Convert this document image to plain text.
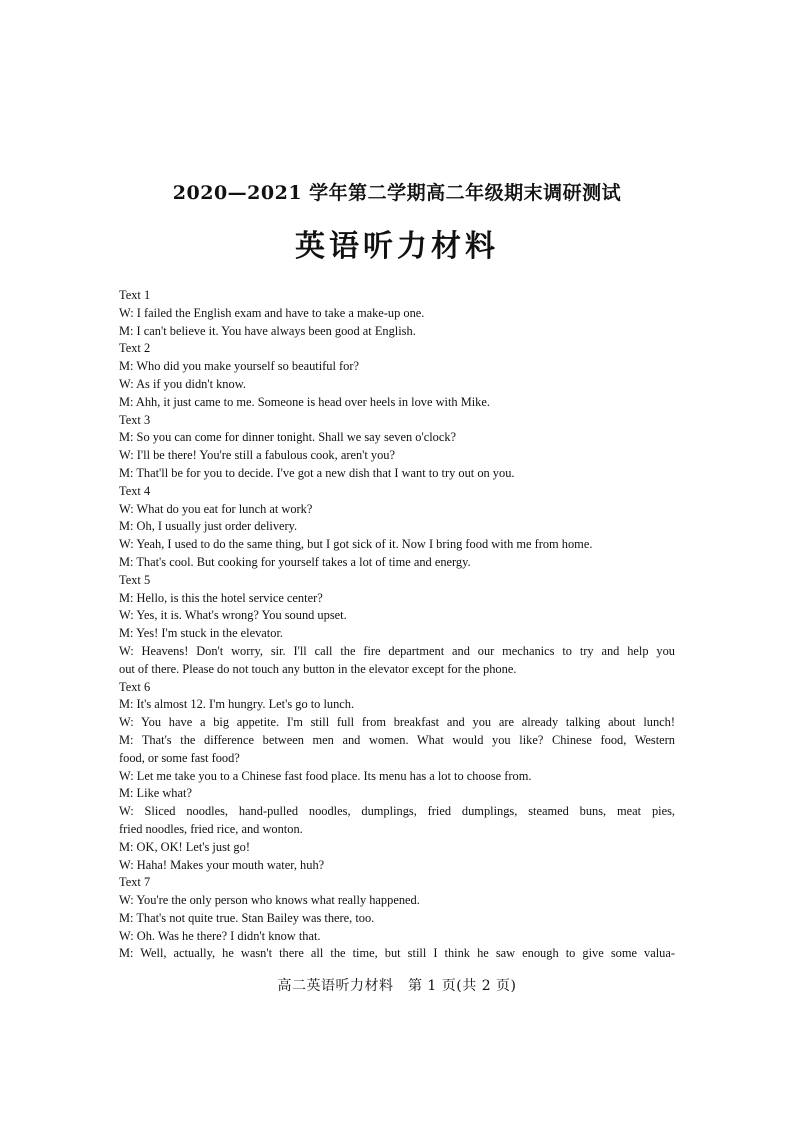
2020—2021 学年第二学期高二年级期末调研测试
英语听力材料
Text 1
W: I failed the English exam and have to take a make-up one.
M: I can't believe it. You have always been good at English.
Text 2
M: Who did you make yourself so beautiful for?
W: As if you didn't know.
M: Ahh, it just came to me. Someone is head over heels in love with Mike.
Text 3
M: So you can come for dinner tonight. Shall we say seven o'clock?
W: I'll be there! You're still a fabulous cook, aren't you?
M: That'll be for you to decide. I've got a new dish that I want to try out on you.
Text 4
W: What do you eat for lunch at work?
M: Oh, I usually just order delivery.
W: Yeah, I used to do the same thing, but I got sick of it. Now I bring food with me from home.
M: That's cool. But cooking for yourself takes a lot of time and energy.
Text 5
M: Hello, is this the hotel service center?
W: Yes, it is. What's wrong? You sound upset.
M: Yes! I'm stuck in the elevator.
W: Heavens! Don't worry, sir. I'll call the fire department and our mechanics to try and help you
out of there. Please do not touch any button in the elevator except for the phone.
Text 6
M: It's almost 12. I'm hungry. Let's go to lunch.
W: You have a big appetite. I'm still full from breakfast and you are already talking about lunch!
M: That's the difference between men and women. What would you like? Chinese food, Western
food, or some fast food?
W: Let me take you to a Chinese fast food place. Its menu has a lot to choose from.
M: Like what?
W: Sliced noodles, hand-pulled noodles, dumplings, fried dumplings, steamed buns, meat pies,
fried noodles, fried rice, and wonton.
M: OK, OK! Let's just go!
W: Haha! Makes your mouth water, huh?
Text 7
W: You're the only person who knows what really happened.
M: That's not quite true. Stan Bailey was there, too.
W: Oh. Was he there? I didn't know that.
M: Well, actually, he wasn't there all the time, but still I think he saw enough to give some valua-
高二英语听力材料　第 1 页(共 2 页)
